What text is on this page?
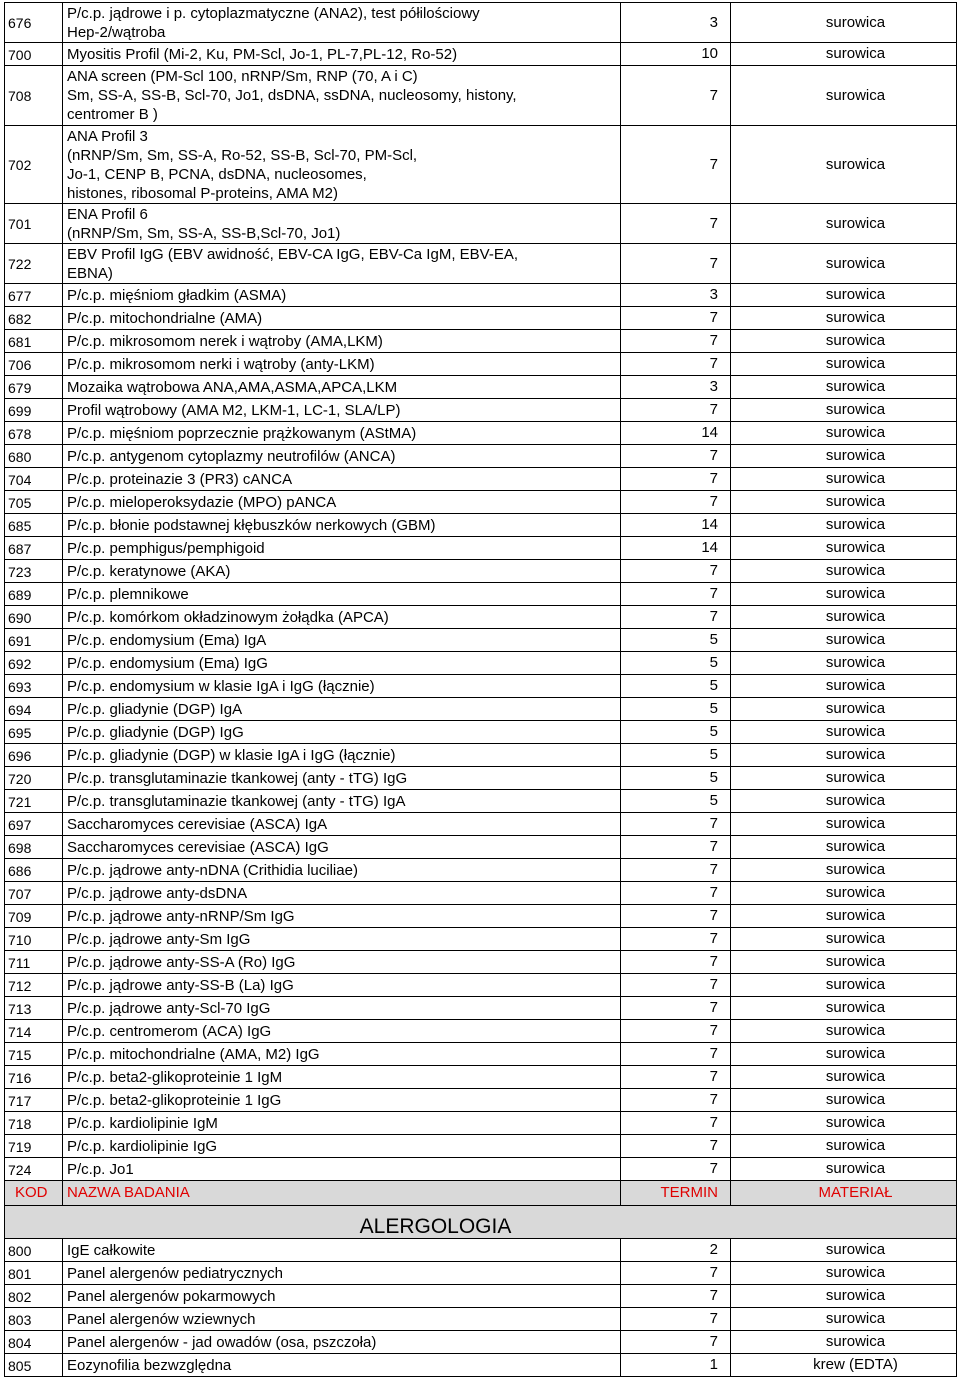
676	P/c.p. jądrowe i p. cytoplazmatyczne (ANA2), test półilościowy
Hep-2/wątroba	3	surowica
700	Myositis Profil (Mi-2, Ku, PM-Scl, Jo-1, PL-7,PL-12, Ro-52)	10	surowica
708	ANA screen (PM-Scl 100, nRNP/Sm, RNP (70, A i C)
Sm, SS-A, SS-B, Scl-70, Jo1, dsDNA, ssDNA, nucleosomy, histony,
centromer B )	7	surowica
702	ANA Profil 3
(nRNP/Sm, Sm, SS-A, Ro-52, SS-B, Scl-70, PM-Scl,
Jo-1, CENP B, PCNA, dsDNA, nucleosomes,
histones, ribosomal P-proteins, AMA M2)	7	surowica
701	ENA Profil 6
(nRNP/Sm, Sm, SS-A, SS-B,Scl-70, Jo1)	7	surowica
722	EBV Profil IgG (EBV awidność, EBV-CA IgG, EBV-Ca IgM, EBV-EA,
EBNA)	7	surowica
677	P/c.p. mięśniom gładkim (ASMA)	3	surowica
682	P/c.p. mitochondrialne (AMA)	7	surowica
681	P/c.p. mikrosomom nerek i wątroby (AMA,LKM)	7	surowica
706	P/c.p. mikrosomom nerki i wątroby (anty-LKM)	7	surowica
679	Mozaika wątrobowa ANA,AMA,ASMA,APCA,LKM	3	surowica
699	Profil wątrobowy (AMA M2, LKM-1, LC-1, SLA/LP)	7	surowica
678	P/c.p. mięśniom poprzecznie prążkowanym (AStMA)	14	surowica
680	P/c.p. antygenom cytoplazmy neutrofilów (ANCA)	7	surowica
704	P/c.p. proteinazie 3 (PR3) cANCA	7	surowica
705	P/c.p. mieloperoksydazie (MPO) pANCA	7	surowica
685	P/c.p. błonie podstawnej kłębuszków nerkowych (GBM)	14	surowica
687	P/c.p. pemphigus/pemphigoid	14	surowica
723	P/c.p. keratynowe (AKA)	7	surowica
689	P/c.p. plemnikowe	7	surowica
690	P/c.p. komórkom okładzinowym żołądka (APCA)	7	surowica
691	P/c.p. endomysium (Ema) IgA	5	surowica
692	P/c.p. endomysium (Ema) IgG	5	surowica
693	P/c.p. endomysium w klasie IgA i IgG (łącznie)	5	surowica
694	P/c.p. gliadynie (DGP) IgA	5	surowica
695	P/c.p. gliadynie (DGP) IgG	5	surowica
696	P/c.p. gliadynie (DGP) w klasie IgA i IgG (łącznie)	5	surowica
720	P/c.p. transglutaminazie tkankowej (anty - tTG) IgG	5	surowica
721	P/c.p. transglutaminazie tkankowej (anty - tTG) IgA	5	surowica
697	Saccharomyces cerevisiae (ASCA) IgA	7	surowica
698	Saccharomyces cerevisiae (ASCA) IgG	7	surowica
686	P/c.p. jądrowe anty-nDNA (Crithidia luciliae)	7	surowica
707	P/c.p. jądrowe anty-dsDNA	7	surowica
709	P/c.p. jądrowe anty-nRNP/Sm IgG	7	surowica
710	P/c.p. jądrowe anty-Sm IgG	7	surowica
711	P/c.p. jądrowe anty-SS-A (Ro) IgG	7	surowica
712	P/c.p. jądrowe anty-SS-B (La) IgG	7	surowica
713	P/c.p. jądrowe anty-Scl-70 IgG	7	surowica
714	P/c.p. centromerom (ACA) IgG	7	surowica
715	P/c.p. mitochondrialne (AMA, M2) IgG	7	surowica
716	P/c.p. beta2-glikoproteinie 1 IgM	7	surowica
717	P/c.p. beta2-glikoproteinie 1 IgG	7	surowica
718	P/c.p. kardiolipinie IgM	7	surowica
719	P/c.p. kardiolipinie IgG	7	surowica
724	P/c.p. Jo1	7	surowica
KOD	NAZWA BADANIA	TERMIN	MATERIAŁ
ALERGOLOGIA			
800	IgE całkowite	2	surowica
801	Panel alergenów pediatrycznych	7	surowica
802	Panel alergenów pokarmowych	7	surowica
803	Panel alergenów wziewnych	7	surowica
804	Panel alergenów - jad owadów (osa, pszczoła)	7	surowica
805	Eozynofilia bezwzględna	1	krew (EDTA)
